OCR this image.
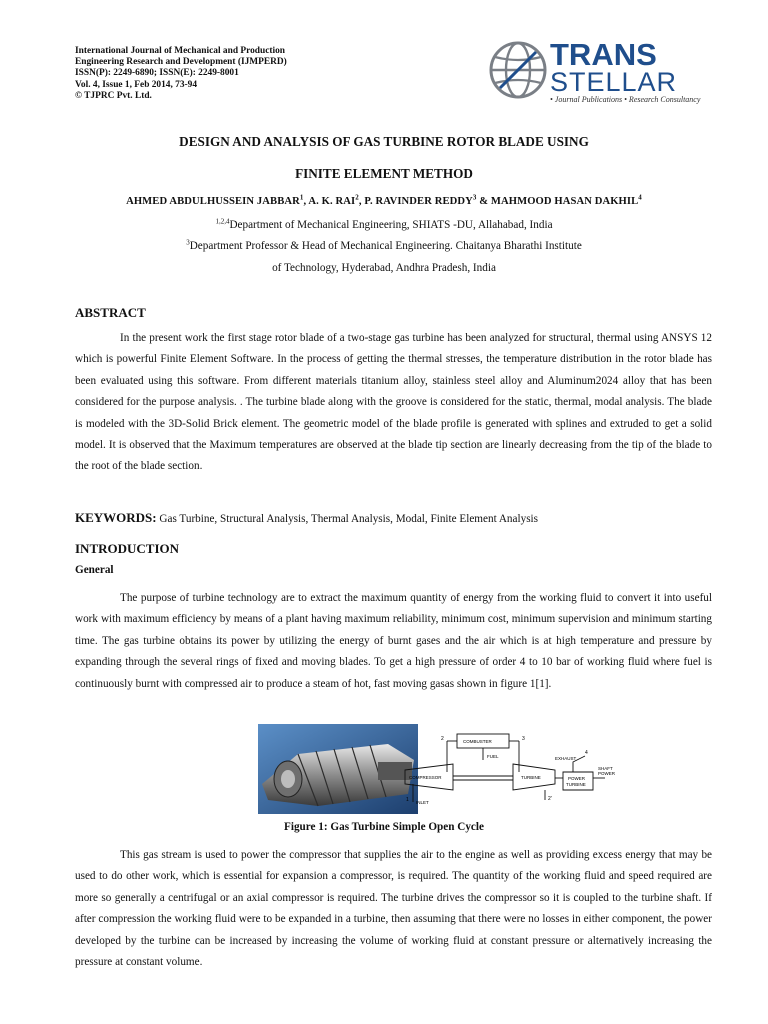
International Journal of Mechanical and Production
Engineering Research and Development (IJMPERD)
ISSN(P): 2249-6890; ISSN(E): 2249-8001
Vol. 4, Issue 1, Feb 2014, 73-94
© TJPRC Pvt. Ltd.
TRANS
STELLAR
• Journal Publications • Research Consultancy
DESIGN AND ANALYSIS OF GAS TURBINE ROTOR BLADE USING
FINITE ELEMENT METHOD
AHMED ABDULHUSSEIN JABBAR$^1$, A. K. RAI$^2$, P. RAVINDER REDDY$^3$ & MAHMOOD HASAN DAKHIL$^4$
$^{1,2,4}$Department of Mechanical Engineering, SHIATS -DU, Allahabad, India
$^3$Department Professor & Head of Mechanical Engineering. Chaitanya Bharathi Institute
of Technology, Hyderabad, Andhra Pradesh, India
ABSTRACT
In the present work the first stage rotor blade of a two-stage gas turbine has been analyzed for structural, thermal using ANSYS 12 which is powerful Finite Element Software. In the process of getting the thermal stresses, the temperature distribution in the rotor blade has been evaluated using this software. From different materials titanium alloy, stainless steel alloy and Aluminum2024 alloy that has been considered for the purpose analysis. . The turbine blade along with the groove is considered for the static, thermal, modal analysis. The blade is modeled with the 3D-Solid Brick element. The geometric model of the blade profile is generated with splines and extruded to get a solid model. It is observed that the Maximum temperatures are observed at the blade tip section are linearly decreasing from the tip of the blade to the root of the blade section.
KEYWORDS: Gas Turbine, Structural Analysis, Thermal Analysis, Modal, Finite Element Analysis
INTRODUCTION
General
The purpose of turbine technology are to extract the maximum quantity of energy from the working fluid to convert it into useful work with maximum efficiency by means of a plant having maximum reliability, minimum cost, minimum supervision and minimum starting time. The gas turbine obtains its power by utilizing the energy of burnt gases and the air which is at high temperature and pressure by expanding through the several rings of fixed and moving blades. To get a high pressure of order 4 to 10 bar of working fluid where fuel is continuously burnt with compressed air to produce a steam of hot, fast moving gasas shown in figure 1[1].
COMBUSTER
FUEL
COMPRESSOR	TURBINE	POWER
TURBINE
INLET
EXHAUST
SHAFT
POWER
1
2	3
4
2'
Figure 1: Gas Turbine Simple Open Cycle
This gas stream is used to power the compressor that supplies the air to the engine as well as providing excess energy that may be used to do other work, which is essential for expansion a compressor, is required. The quantity of the working fluid and speed required are more so generally a centrifugal or an axial compressor is required. The turbine drives the compressor so it is coupled to the turbine shaft. If after compression the working fluid were to be expanded in a turbine, then assuming that there were no losses in either component, the power developed by the turbine can be increased by increasing the volume of working fluid at constant pressure or alternatively increasing the pressure at constant volume.
